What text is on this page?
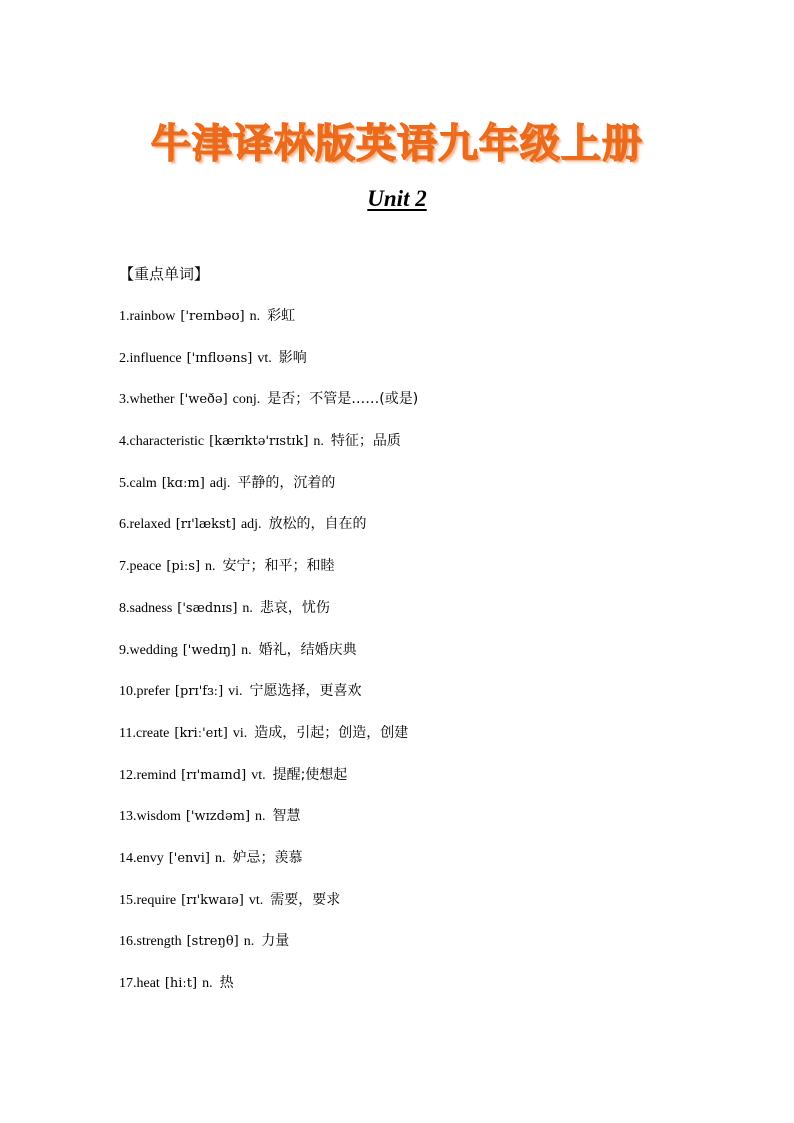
牛津译林版英语九年级上册
Unit 2
【重点单词】
1.rainbow ['reɪnbəʊ] n. 彩虹
2.influence ['ɪnflʊəns] vt. 影响
3.whether ['weðə] conj. 是否；不管是……(或是)
4.characteristic [kærɪktə'rɪstɪk] n. 特征；品质
5.calm [kɑːm] adj. 平静的，沉着的
6.relaxed [rɪ'lækst] adj. 放松的，自在的
7.peace [piːs] n. 安宁；和平；和睦
8.sadness ['sædnɪs] n. 悲哀，忧伤
9.wedding ['wedɪŋ] n. 婚礼，结婚庆典
10.prefer [prɪ'fɜː] vi. 宁愿选择，更喜欢
11.create [kriː'eɪt] vi. 造成，引起；创造，创建
12.remind [rɪ'maɪnd] vt. 提醒;使想起
13.wisdom ['wɪzdəm] n. 智慧
14.envy ['envi] n. 妒忌；羡慕
15.require [rɪ'kwaɪə] vt. 需要，要求
16.strength [streŋθ] n. 力量
17.heat [hiːt] n. 热
